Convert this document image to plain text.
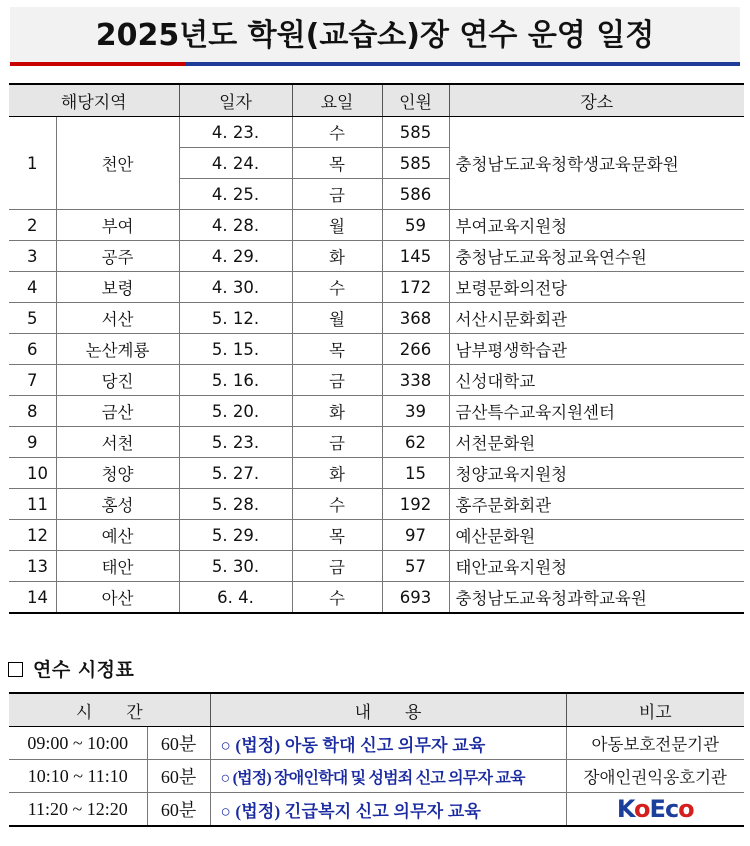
2025년도 학원(교습소)장 연수 운영 일정
해당지역		일자	요일	인원	장소
1	천안	4. 23.	수	585	충청남도교육청학생교육문화원
		4. 24.	목	585	
		4. 25.	금	586	
2	부여	4. 28.	월	59	부여교육지원청
3	공주	4. 29.	화	145	충청남도교육청교육연수원
4	보령	4. 30.	수	172	보령문화의전당
5	서산	5. 12.	월	368	서산시문화회관
6	논산계룡	5. 15.	목	266	남부평생학습관
7	당진	5. 16.	금	338	신성대학교
8	금산	5. 20.	화	39	금산특수교육지원센터
9	서천	5. 23.	금	62	서천문화원
10	청양	5. 27.	화	15	청양교육지원청
11	홍성	5. 28.	수	192	홍주문화회관
12	예산	5. 29.	목	97	예산문화원
13	태안	5. 30.	금	57	태안교육지원청
14	아산	6. 4.	수	693	충청남도교육청과학교육원
연수 시정표
시　　간		내　　용	비고
09:00 ~ 10:00	60분	○ (법정) 아동 학대 신고 의무자 교육	아동보호전문기관
10:10 ~ 11:10	60분	○ (법정) 장애인학대 및 성범죄 신고 의무자 교육	장애인권익옹호기관
11:20 ~ 12:20	60분	○ (법정) 긴급복지 신고 의무자 교육	KoEco
